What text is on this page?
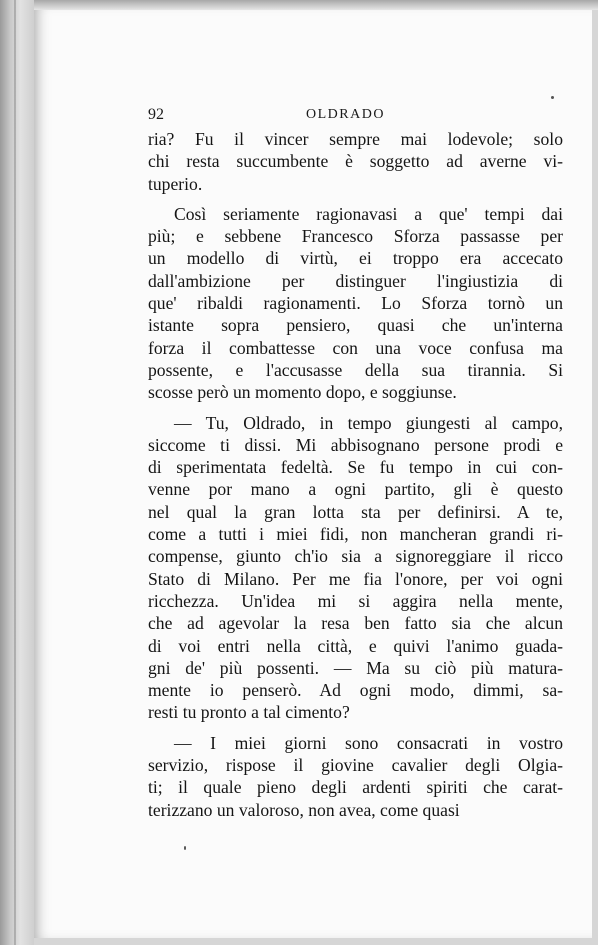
92	OLDRADO
ria? Fu il vincer sempre mai lodevole; solo
chi resta succumbente è soggetto ad averne vi-
tuperio.
Così seriamente ragionavasi a que' tempi dai
più; e sebbene Francesco Sforza passasse per
un modello di virtù, ei troppo era accecato
dall'ambizione per distinguer l'ingiustizia di
que' ribaldi ragionamenti. Lo Sforza tornò un
istante sopra pensiero, quasi che un'interna
forza il combattesse con una voce confusa ma
possente, e l'accusasse della sua tirannia. Si
scosse però un momento dopo, e soggiunse.
— Tu, Oldrado, in tempo giungesti al campo,
siccome ti dissi. Mi abbisognano persone prodi e
di sperimentata fedeltà. Se fu tempo in cui con-
venne por mano a ogni partito, gli è questo
nel qual la gran lotta sta per definirsi. A te,
come a tutti i miei fidi, non mancheran grandi ri-
compense, giunto ch'io sia a signoreggiare il ricco
Stato di Milano. Per me fia l'onore, per voi ogni
ricchezza. Un'idea mi si aggira nella mente,
che ad agevolar la resa ben fatto sia che alcun
di voi entri nella città, e quivi l'animo guada-
gni de' più possenti. — Ma su ciò più matura-
mente io penserò. Ad ogni modo, dimmi, sa-
resti tu pronto a tal cimento?
— I miei giorni sono consacrati in vostro
servizio, rispose il giovine cavalier degli Olgia-
ti; il quale pieno degli ardenti spiriti che carat-
terizzano un valoroso, non avea, come quasi
